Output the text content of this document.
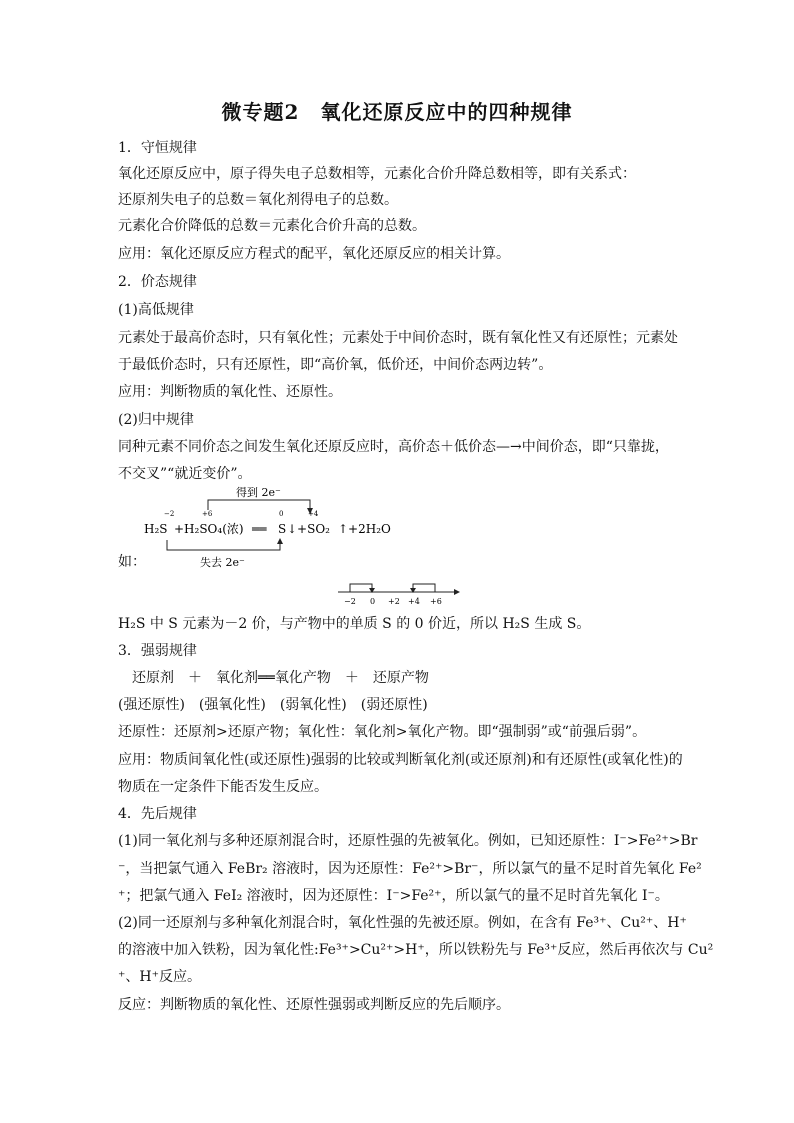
微专题2　氧化还原反应中的四种规律
1．守恒规律
氧化还原反应中，原子得失电子总数相等，元素化合价升降总数相等，即有关系式：
还原剂失电子的总数＝氧化剂得电子的总数。
元素化合价降低的总数＝元素化合价升高的总数。
应用：氧化还原反应方程式的配平，氧化还原反应的相关计算。
2．价态规律
(1)高低规律
元素处于最高价态时，只有氧化性；元素处于中间价态时，既有氧化性又有还原性；元素处
于最低价态时，只有还原性，即“高价氧，低价还，中间价态两边转”。
应用：判断物质的氧化性、还原性。
(2)归中规律
同种元素不同价态之间发生氧化还原反应时，高价态＋低价态—→中间价态，即“只靠拢，
不交叉”“就近变价”。
得到 2e⁻
−2	+6	0	+4
H₂S +H₂SO₄(浓) ══ S ↓+SO₂ ↑+2H₂O
失去 2e⁻
如：
−2 0 +2 +4 +6
H₂S 中 S 元素为－2 价，与产物中的单质 S 的 0 价近，所以 H₂S 生成 S。
3．强弱规律
　还原剂　＋　氧化剂══氧化产物　＋　还原产物
(强还原性)　(强氧化性)　(弱氧化性)　(弱还原性)
还原性：还原剂>还原产物；氧化性：氧化剂>氧化产物。即“强制弱”或“前强后弱”。
应用：物质间氧化性(或还原性)强弱的比较或判断氧化剂(或还原剂)和有还原性(或氧化性)的
物质在一定条件下能否发生反应。
4．先后规律
(1)同一氧化剂与多种还原剂混合时，还原性强的先被氧化。例如，已知还原性：I⁻>Fe²⁺>Br
⁻，当把氯气通入 FeBr₂ 溶液时，因为还原性：Fe²⁺>Br⁻，所以氯气的量不足时首先氧化 Fe²
⁺；把氯气通入 FeI₂ 溶液时，因为还原性：I⁻>Fe²⁺，所以氯气的量不足时首先氧化 I⁻。
(2)同一还原剂与多种氧化剂混合时，氧化性强的先被还原。例如，在含有 Fe³⁺、Cu²⁺、H⁺
的溶液中加入铁粉，因为氧化性:Fe³⁺>Cu²⁺>H⁺，所以铁粉先与 Fe³⁺反应，然后再依次与 Cu²
⁺、H⁺反应。
反应：判断物质的氧化性、还原性强弱或判断反应的先后顺序。
